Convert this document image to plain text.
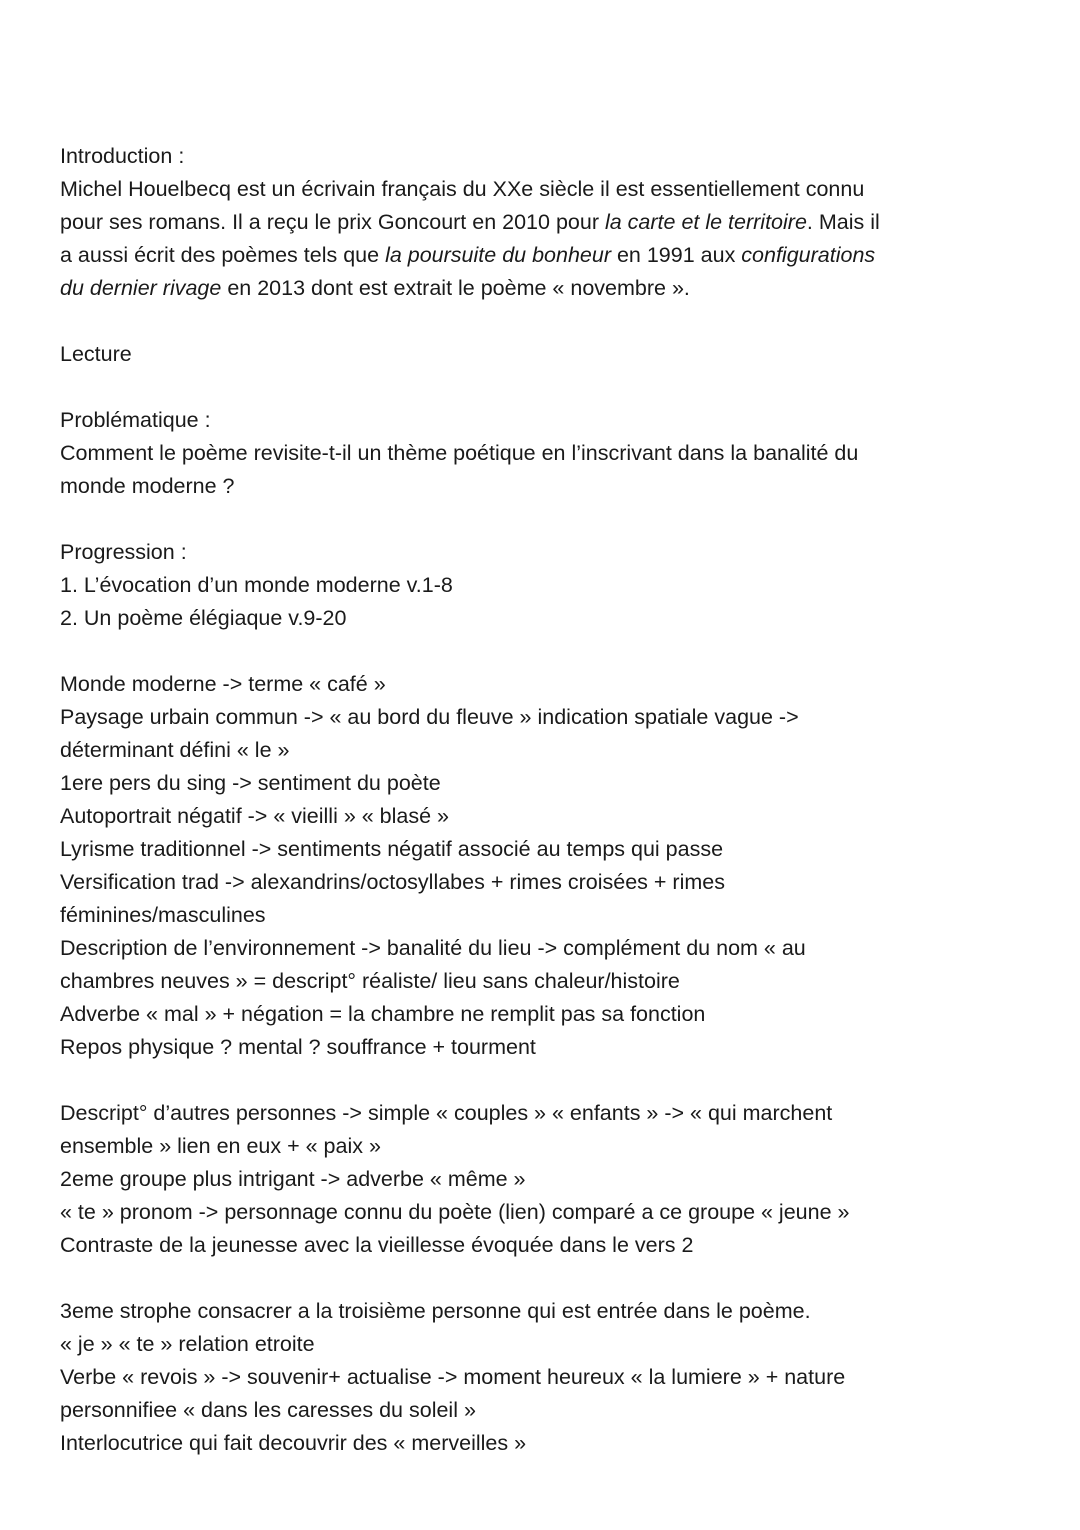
Introduction :
Michel Houelbecq est un écrivain français du XXe siècle il est essentiellement connu
pour ses romans. Il a reçu le prix Goncourt en 2010 pour la carte et le territoire. Mais il
a aussi écrit des poèmes tels que la poursuite du bonheur en 1991 aux configurations
du dernier rivage en 2013 dont est extrait le poème « novembre ».
Lecture
Problématique :
Comment le poème revisite-t-il un thème poétique en l’inscrivant dans la banalité du
monde moderne ?
Progression :
1. L’évocation d’un monde moderne v.1-8
2. Un poème élégiaque v.9-20
Monde moderne -> terme « café »
Paysage urbain commun -> « au bord du fleuve » indication spatiale vague ->
déterminant défini « le »
1ere pers du sing -> sentiment du poète
Autoportrait négatif -> « vieilli » « blasé »
Lyrisme traditionnel -> sentiments négatif associé au temps qui passe
Versification trad -> alexandrins/octosyllabes + rimes croisées + rimes
féminines/masculines
Description de l’environnement -> banalité du lieu -> complément du nom « au
chambres neuves » = descript° réaliste/ lieu sans chaleur/histoire
Adverbe « mal » + négation = la chambre ne remplit pas sa fonction
Repos physique ? mental ? souffrance + tourment
Descript° d’autres personnes -> simple « couples » « enfants » -> « qui marchent
ensemble » lien en eux + « paix »
2eme groupe plus intrigant -> adverbe « même »
« te » pronom -> personnage connu du poète (lien) comparé a ce groupe « jeune »
Contraste de la jeunesse avec la vieillesse évoquée dans le vers 2
3eme strophe consacrer a la troisième personne qui est entrée dans le poème.
« je » « te » relation etroite
Verbe « revois » -> souvenir+ actualise -> moment heureux « la lumiere » + nature
personnifiee « dans les caresses du soleil »
Interlocutrice qui fait decouvrir des « merveilles »
